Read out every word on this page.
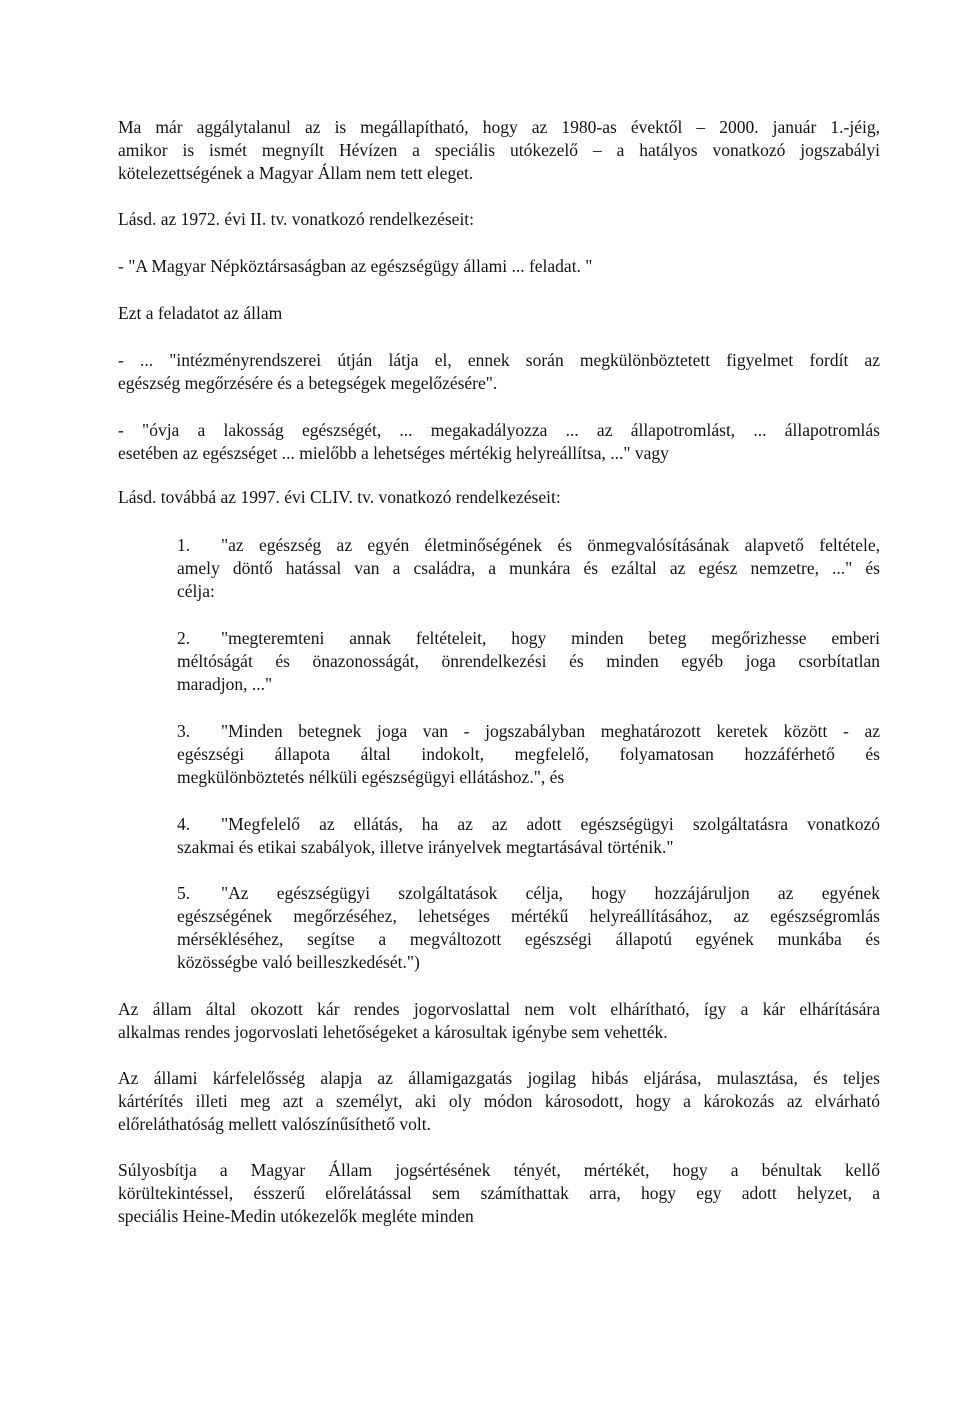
Ma már aggálytalanul az is megállapítható, hogy az 1980-as évektől – 2000. január 1.-jéig,
amikor is ismét megnyílt Hévízen a speciális utókezelő – a hatályos vonatkozó jogszabályi
kötelezettségének a Magyar Állam nem tett eleget.
Lásd. az 1972. évi II. tv. vonatkozó rendelkezéseit:
- "A Magyar Népköztársaságban az egészségügy állami ... feladat. "
Ezt a feladatot az állam
- ... "intézményrendszerei útján látja el, ennek során megkülönböztetett figyelmet fordít az
egészség megőrzésére és a betegségek megelőzésére".
- "óvja a lakosság egészségét, ... megakadályozza ... az állapotromlást, ... állapotromlás
esetében az egészséget ... mielőbb a lehetséges mértékig helyreállítsa, ..." vagy
Lásd. továbbá az 1997. évi CLIV. tv. vonatkozó rendelkezéseit:
1.	"az egészség az egyén életminőségének és önmegvalósításának alapvető feltétele,
amely döntő hatással van a családra, a munkára és ezáltal az egész nemzetre, ..." és
célja:
2.	"megteremteni annak feltételeit, hogy minden beteg megőrizhesse emberi
méltóságát és önazonosságát, önrendelkezési és minden egyéb joga csorbítatlan
maradjon, ..."
3.	"Minden betegnek joga van - jogszabályban meghatározott keretek között - az
egészségi állapota által indokolt, megfelelő, folyamatosan hozzáférhető és
megkülönböztetés nélküli egészségügyi ellátáshoz.", és
4.	"Megfelelő az ellátás, ha az az adott egészségügyi szolgáltatásra vonatkozó
szakmai és etikai szabályok, illetve irányelvek megtartásával történik."
5.	"Az egészségügyi szolgáltatások célja, hogy hozzájáruljon az egyének
egészségének megőrzéséhez, lehetséges mértékű helyreállításához, az egészségromlás
mérsékléséhez, segítse a megváltozott egészségi állapotú egyének munkába és
közösségbe való beilleszkedését.")
Az állam által okozott kár rendes jogorvoslattal nem volt elhárítható, így a kár elhárítására
alkalmas rendes jogorvoslati lehetőségeket a károsultak igénybe sem vehették.
Az állami kárfelelősség alapja az államigazgatás jogilag hibás eljárása, mulasztása, és teljes
kártérítés illeti meg azt a személyt, aki oly módon károsodott, hogy a károkozás az elvárható
előreláthatóság mellett valószínűsíthető volt.
Súlyosbítja a Magyar Állam jogsértésének tényét, mértékét, hogy a bénultak kellő
körültekintéssel, ésszerű előrelátással sem számíthattak arra, hogy egy adott helyzet, a
speciális Heine-Medin utókezelők megléte minden
